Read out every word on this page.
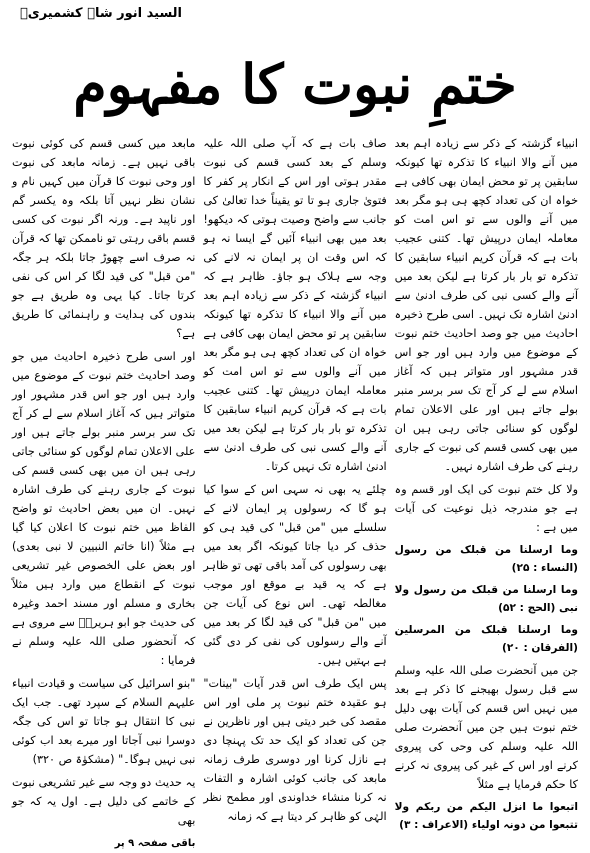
السید انور شاہ کشمیریؒ
ختمِ نبوت کا مفہوم

انبیاء گزشتہ کے ذکر سے زیادہ اہم بعد میں آنے والا انبیاء کا تذکرہ تھا کیونکہ سابقین پر تو محض ایمان بھی کافی ہے خواہ ان کی تعداد کچھ ہی ہو مگر بعد میں آنے والوں سے تو اس امت کو معاملہ ایمان درپیش تھا۔ کتنی عجیب بات ہے کہ قرآن کریم انبیاء سابقین کا تذکرہ تو بار بار کرتا ہے لیکن بعد میں آنے والے کسی نبی کی طرف ادنیٰ سے ادنیٰ اشارہ تک نہیں۔ اسی طرح ذخیرہ احادیث میں جو وصد احادیث ختم نبوت کے موضوع میں وارد ہیں اور جو اس قدر مشہور اور متواتر ہیں کہ آغاز اسلام سے لے کر آج تک سر برسر منبر بولے جاتے ہیں اور علی الاعلان تمام لوگوں کو سنائی جاتی رہی ہیں ان میں بھی کسی قسم کی نبوت کے جاری رہنے کی طرف اشارہ نہیں۔

ولا کل ختم نبوت کی ایک اور قسم وہ ہے جو مندرجہ ذیل نوعیت کی آیات میں ہے :

وما ارسلنا من قبلک من رسول (النساء : ۲۵)

وما ارسلنا من قبلک من رسول ولا نبی (الحج : ۵۲)

وما ارسلنا قبلک من المرسلین (الفرقان : ۲۰)

جن میں آنحضرت صلی اللہ علیہ وسلم سے قبل رسول بھیجنے کا ذکر ہے بعد میں نہیں اس قسم کی آیات بھی دلیل ختم نبوت ہیں جن میں آنحضرت صلی اللہ علیہ وسلم کی وحی کی پیروی کرنے اور اس کے غیر کی پیروی نہ کرنے کا حکم فرمایا ہے مثلاً

اتبعوا ما انزل الیکم من ربکم ولا تتبعوا من دونہ اولیاء (الاعراف : ۳)

صاف بات ہے کہ آپ صلی اللہ علیہ وسلم کے بعد کسی قسم کی نبوت مقدر ہوتی اور اس کے انکار پر کفر کا فتویٰ جاری ہو تا تو یقیناً خدا تعالیٰ کی جانب سے واضح وصیت ہوتی کہ دیکھو! بعد میں بھی انبیاء آئیں گے ایسا نہ ہو کہ اس وقت ان پر ایمان نہ لانے کی وجہ سے ہلاک ہو جاؤ۔ ظاہر ہے کہ انبیاء گزشتہ کے ذکر سے زیادہ اہم بعد میں آنے والا انبیاء کا تذکرہ تھا کیونکہ سابقین پر تو محض ایمان بھی کافی ہے خواہ ان کی تعداد کچھ ہی ہو مگر بعد میں آنے والوں سے تو اس امت کو معاملہ ایمان درپیش تھا۔ کتنی عجیب بات ہے کہ قرآن کریم انبیاء سابقین کا تذکرہ تو بار بار کرتا ہے لیکن بعد میں آنے والے کسی نبی کی طرف ادنیٰ سے ادنیٰ اشارہ تک نہیں کرتا۔

چلئے یہ بھی نہ سہی اس کے سوا کیا ہو گا کہ رسولوں پر ایمان لانے کے سلسلے میں "من قبل" کی قید ہی کو حذف کر دیا جاتا کیونکہ اگر بعد میں بھی رسولوں کی آمد باقی تھی تو ظاہر ہے کہ یہ قید بے موقع اور موجب مغالطہ تھی۔ اس نوع کی آیات جن میں "من قبل" کی قید لگا کر بعد میں آنے والے رسولوں کی نفی کر دی گئی ہے بہتیں ہیں۔

پس ایک طرف اس قدر آیات "بینات" ہو عقیدہ ختم نبوت پر ملی اور اس مقصد کی خبر دیتی ہیں اور ناظرین نے جن کی تعداد کو ایک حد تک پہنچا دی ہے نازل کرنا اور دوسری طرف زمانہ مابعد کی جانب کوئی اشارہ و التفات نہ کرنا منشاء خداوندی اور مطمح نظر الہٰی کو ظاہر کر دیتا ہے کہ زمانہ

مابعد میں کسی قسم کی کوئی نبوت باقی نہیں ہے۔ زمانہ مابعد کی نبوت اور وحی نبوت کا قرآن میں کہیں نام و نشان نظر نہیں آتا بلکہ وہ یکسر گم اور ناپید ہے۔ ورنہ اگر نبوت کی کسی قسم باقی رہتی تو ناممکن تھا کہ قرآن نہ صرف اسے چھوڑ جاتا بلکہ ہر جگہ "من قبل" کی قید لگا کر اس کی نفی کرتا جاتا۔ کیا یہی وہ طریق ہے جو بندوں کی ہدایت و راہنمائی کا طریق ہے؟

اور اسی طرح ذخیرہ احادیث میں جو وصد احادیث ختم نبوت کے موضوع میں وارد ہیں اور جو اس قدر مشہور اور متواتر ہیں کہ آغاز اسلام سے لے کر آج تک سر برسر منبر بولے جاتے ہیں اور علی الاعلان تمام لوگوں کو سنائی جاتی رہی ہیں ان میں بھی کسی قسم کی نبوت کے جاری رہنے کی طرف اشارہ نہیں۔ ان میں بعض احادیث تو واضح الفاظ میں ختم نبوت کا اعلان کیا گیا ہے مثلاً (انا خاتم النبیین لا نبی بعدی) اور بعض علی الخصوص غیر تشریعی نبوت کے انقطاع میں وارد ہیں مثلاً بخاری و مسلم اور مسند احمد وغیرہ کی حدیث جو ابو ہریرہؓ سے مروی ہے کہ آنحضور صلی اللہ علیہ وسلم نے فرمایا :

"بنو اسرائیل کی سیاست و قیادت انبیاء علیہم السلام کے سپرد تھی۔ جب ایک نبی کا انتقال ہو جاتا تو اس کی جگہ دوسرا نبی آجاتا اور میرے بعد اب کوئی نبی نہیں ہوگا۔" (مشکوٰۃ ص ۳۲۰)

یہ حدیث دو وجہ سے غیر تشریعی نبوت کے خاتمے کی دلیل ہے۔ اول یہ کہ جو بھی

باقی صفحہ ۹ پر
